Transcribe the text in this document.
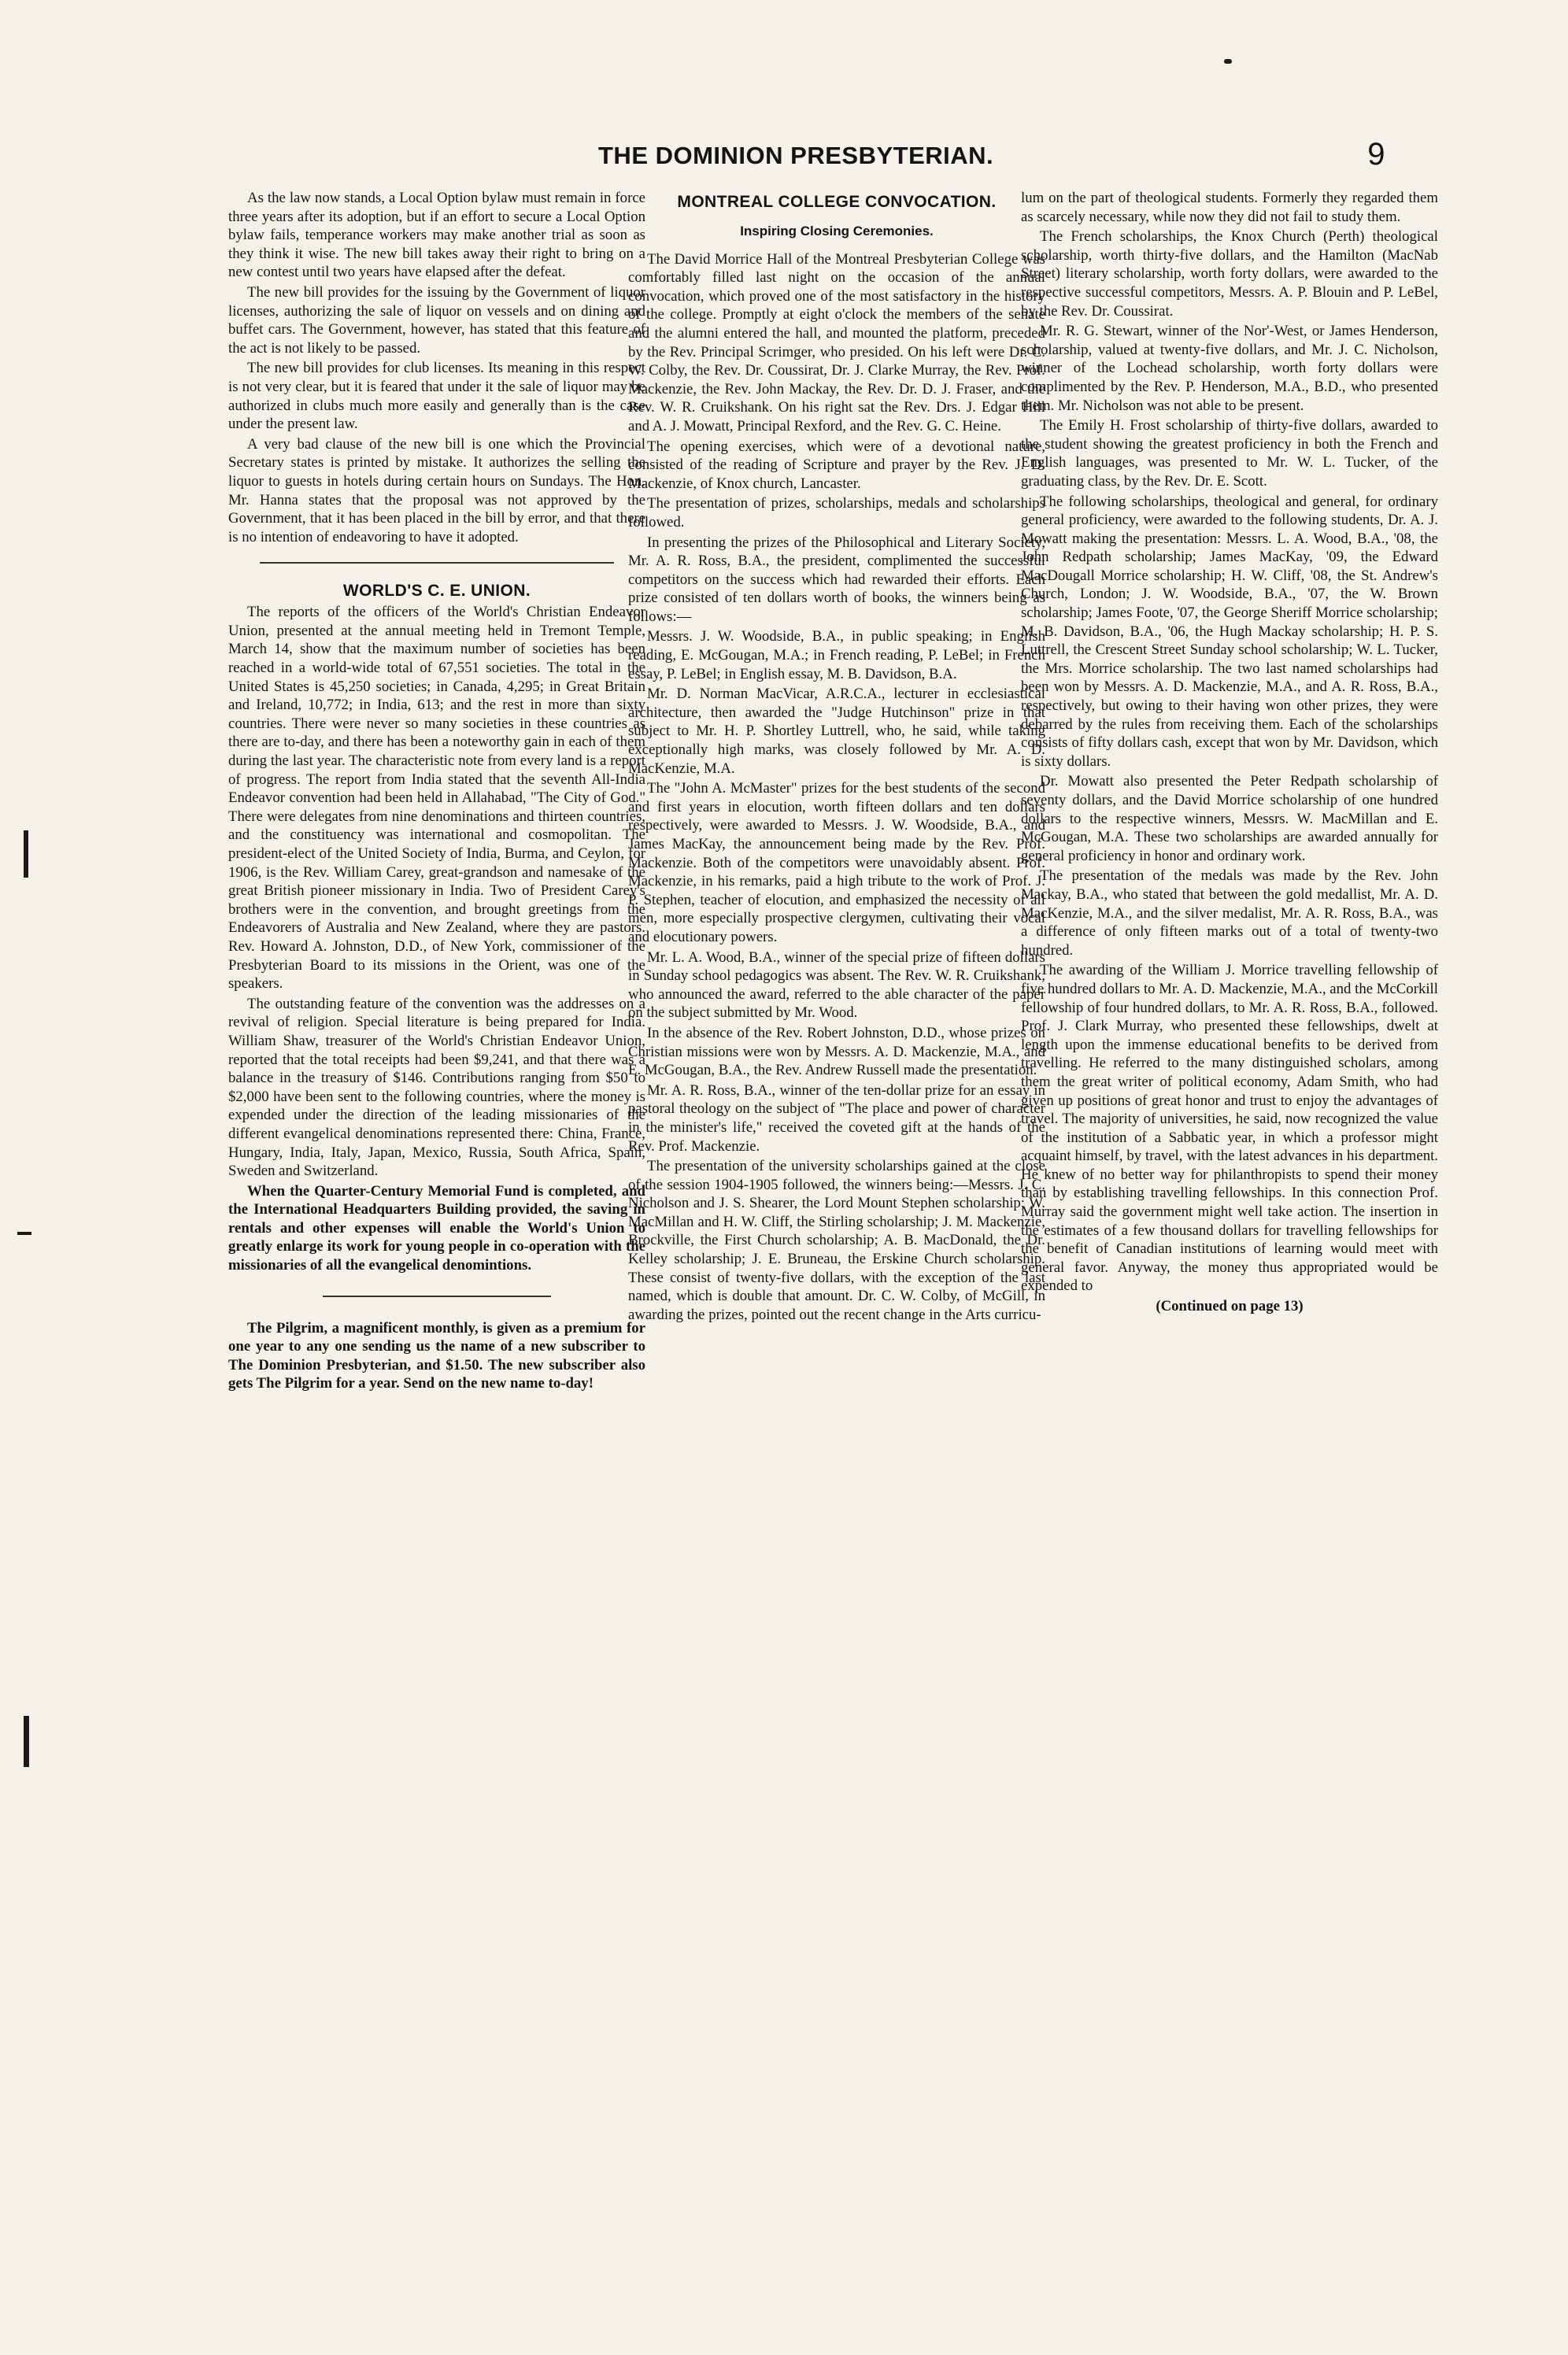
THE DOMINION PRESBYTERIAN.	9

As the law now stands, a Local Option bylaw must remain in force three years after its adoption, but if an effort to secure a Local Option bylaw fails, temperance workers may make another trial as soon as they think it wise. The new bill takes away their right to bring on a new contest until two years have elapsed after the defeat.

The new bill provides for the issuing by the Government of liquor licenses, authorizing the sale of liquor on vessels and on dining and buffet cars. The Government, however, has stated that this feature of the act is not likely to be passed.

The new bill provides for club licenses. Its meaning in this respect is not very clear, but it is feared that under it the sale of liquor may be authorized in clubs much more easily and generally than is the case under the present law.

A very bad clause of the new bill is one which the Provincial Secretary states is printed by mistake. It authorizes the selling the liquor to guests in hotels during certain hours on Sundays. The Hon. Mr. Hanna states that the proposal was not approved by the Government, that it has been placed in the bill by error, and that there is no intention of endeavoring to have it adopted.

WORLD'S C. E. UNION.

The reports of the officers of the World's Christian Endeavor Union, presented at the annual meeting held in Tremont Temple, March 14, show that the maximum number of societies has been reached in a world-wide total of 67,551 societies. The total in the United States is 45,250 societies; in Canada, 4,295; in Great Britain and Ireland, 10,772; in India, 613; and the rest in more than sixty countries. There were never so many societies in these countries as there are to-day, and there has been a noteworthy gain in each of them during the last year. The characteristic note from every land is a report of progress. The report from India stated that the seventh All-India Endeavor convention had been held in Allahabad, "The City of God." There were delegates from nine denominations and thirteen countries, and the constituency was international and cosmopolitan. The president-elect of the United Society of India, Burma, and Ceylon, for 1906, is the Rev. William Carey, great-grandson and namesake of the great British pioneer missionary in India. Two of President Carey's brothers were in the convention, and brought greetings from the Endeavorers of Australia and New Zealand, where they are pastors. Rev. Howard A. Johnston, D.D., of New York, commissioner of the Presbyterian Board to its missions in the Orient, was one of the speakers.

The outstanding feature of the convention was the addresses on a revival of religion. Special literature is being prepared for India. William Shaw, treasurer of the World's Christian Endeavor Union, reported that the total receipts had been $9,241, and that there was a balance in the treasury of $146. Contributions ranging from $50 to $2,000 have been sent to the following countries, where the money is expended under the direction of the leading missionaries of the different evangelical denominations represented there: China, France, Hungary, India, Italy, Japan, Mexico, Russia, South Africa, Spain, Sweden and Switzerland.

When the Quarter-Century Memorial Fund is completed, and the International Headquarters Building provided, the saving in rentals and other expenses will enable the World's Union to greatly enlarge its work for young people in co-operation with the missionaries of all the evangelical denomintions.

The Pilgrim, a magnificent monthly, is given as a premium for one year to any one sending us the name of a new subscriber to The Dominion Presbyterian, and $1.50. The new subscriber also gets The Pilgrim for a year. Send on the new name to-day!

MONTREAL COLLEGE CONVOCATION.
Inspiring Closing Ceremonies.

The David Morrice Hall of the Montreal Presbyterian College was comfortably filled last night on the occasion of the annual convocation, which proved one of the most satisfactory in the history of the college. Promptly at eight o'clock the members of the senate and the alumni entered the hall, and mounted the platform, preceded by the Rev. Principal Scrimger, who presided. On his left were Dr. C. W. Colby, the Rev. Dr. Coussirat, Dr. J. Clarke Murray, the Rev. Prof. Mackenzie, the Rev. John Mackay, the Rev. Dr. D. J. Fraser, and the Rev. W. R. Cruikshank. On his right sat the Rev. Drs. J. Edgar Hill and A. J. Mowatt, Principal Rexford, and the Rev. G. C. Heine.

The opening exercises, which were of a devotional nature, consisted of the reading of Scripture and prayer by the Rev. J. D. Mackenzie, of Knox church, Lancaster.

The presentation of prizes, scholarships, medals and scholarships followed.

In presenting the prizes of the Philosophical and Literary Society, Mr. A. R. Ross, B.A., the president, complimented the successful competitors on the success which had rewarded their efforts. Each prize consisted of ten dollars worth of books, the winners being as follows:—

Messrs. J. W. Woodside, B.A., in public speaking; in English reading, E. McGougan, M.A.; in French reading, P. LeBel; in French essay, P. LeBel; in English essay, M. B. Davidson, B.A.

Mr. D. Norman MacVicar, A.R.C.A., lecturer in ecclesiastical architecture, then awarded the "Judge Hutchinson" prize in that subject to Mr. H. P. Shortley Luttrell, who, he said, while taking exceptionally high marks, was closely followed by Mr. A. D. MacKenzie, M.A.

The "John A. McMaster" prizes for the best students of the second and first years in elocution, worth fifteen dollars and ten dollars respectively, were awarded to Messrs. J. W. Woodside, B.A., and James MacKay, the announcement being made by the Rev. Prof. Mackenzie. Both of the competitors were unavoidably absent. Prof. Mackenzie, in his remarks, paid a high tribute to the work of Prof. J. P. Stephen, teacher of elocution, and emphasized the necessity of all men, more especially prospective clergymen, cultivating their vocal and elocutionary powers.

Mr. L. A. Wood, B.A., winner of the special prize of fifteen dollars in Sunday school pedagogics was absent. The Rev. W. R. Cruikshank, who announced the award, referred to the able character of the paper on the subject submitted by Mr. Wood.

In the absence of the Rev. Robert Johnston, D.D., whose prizes on Christian missions were won by Messrs. A. D. Mackenzie, M.A., and E. McGougan, B.A., the Rev. Andrew Russell made the presentation.

Mr. A. R. Ross, B.A., winner of the ten-dollar prize for an essay in pastoral theology on the subject of "The place and power of character in the minister's life," received the coveted gift at the hands of the Rev. Prof. Mackenzie.

The presentation of the university scholarships gained at the close of the session 1904-1905 followed, the winners being:—Messrs. J. C. Nicholson and J. S. Shearer, the Lord Mount Stephen scholarship; W. MacMillan and H. W. Cliff, the Stirling scholarship; J. M. Mackenzie, Brockville, the First Church scholarship; A. B. MacDonald, the Dr. Kelley scholarship; J. E. Bruneau, the Erskine Church scholarship. These consist of twenty-five dollars, with the exception of the last named, which is double that amount. Dr. C. W. Colby, of McGill, in awarding the prizes, pointed out the recent change in the Arts curricu-

lum on the part of theological students. Formerly they regarded them as scarcely necessary, while now they did not fail to study them.

The French scholarships, the Knox Church (Perth) theological scholarship, worth thirty-five dollars, and the Hamilton (MacNab Street) literary scholarship, worth forty dollars, were awarded to the respective successful competitors, Messrs. A. P. Blouin and P. LeBel, by the Rev. Dr. Coussirat.

Mr. R. G. Stewart, winner of the Nor'-West, or James Henderson, scholarship, valued at twenty-five dollars, and Mr. J. C. Nicholson, winner of the Lochead scholarship, worth forty dollars were complimented by the Rev. P. Henderson, M.A., B.D., who presented them. Mr. Nicholson was not able to be present.

The Emily H. Frost scholarship of thirty-five dollars, awarded to the student showing the greatest proficiency in both the French and English languages, was presented to Mr. W. L. Tucker, of the graduating class, by the Rev. Dr. E. Scott.

The following scholarships, theological and general, for ordinary general proficiency, were awarded to the following students, Dr. A. J. Mowatt making the presentation: Messrs. L. A. Wood, B.A., '08, the John Redpath scholarship; James MacKay, '09, the Edward MacDougall Morrice scholarship; H. W. Cliff, '08, the St. Andrew's Church, London; J. W. Woodside, B.A., '07, the W. Brown scholarship; James Foote, '07, the George Sheriff Morrice scholarship; M. B. Davidson, B.A., '06, the Hugh Mackay scholarship; H. P. S. Luttrell, the Crescent Street Sunday school scholarship; W. L. Tucker, the Mrs. Morrice scholarship. The two last named scholarships had been won by Messrs. A. D. Mackenzie, M.A., and A. R. Ross, B.A., respectively, but owing to their having won other prizes, they were debarred by the rules from receiving them. Each of the scholarships consists of fifty dollars cash, except that won by Mr. Davidson, which is sixty dollars.

Dr. Mowatt also presented the Peter Redpath scholarship of seventy dollars, and the David Morrice scholarship of one hundred dollars to the respective winners, Messrs. W. MacMillan and E. McGougan, M.A. These two scholarships are awarded annually for general proficiency in honor and ordinary work.

The presentation of the medals was made by the Rev. John Mackay, B.A., who stated that between the gold medallist, Mr. A. D. MacKenzie, M.A., and the silver medalist, Mr. A. R. Ross, B.A., was a difference of only fifteen marks out of a total of twenty-two hundred.

The awarding of the William J. Morrice travelling fellowship of five hundred dollars to Mr. A. D. Mackenzie, M.A., and the McCorkill fellowship of four hundred dollars, to Mr. A. R. Ross, B.A., followed. Prof. J. Clark Murray, who presented these fellowships, dwelt at length upon the immense educational benefits to be derived from travelling. He referred to the many distinguished scholars, among them the great writer of political economy, Adam Smith, who had given up positions of great honor and trust to enjoy the advantages of travel. The majority of universities, he said, now recognized the value of the institution of a Sabbatic year, in which a professor might acquaint himself, by travel, with the latest advances in his department. He knew of no better way for philanthropists to spend their money than by establishing travelling fellowships. In this connection Prof. Murray said the government might well take action. The insertion in the estimates of a few thousand dollars for travelling fellowships for the benefit of Canadian institutions of learning would meet with general favor. Anyway, the money thus appropriated would be expended to

(Continued on page 13)
